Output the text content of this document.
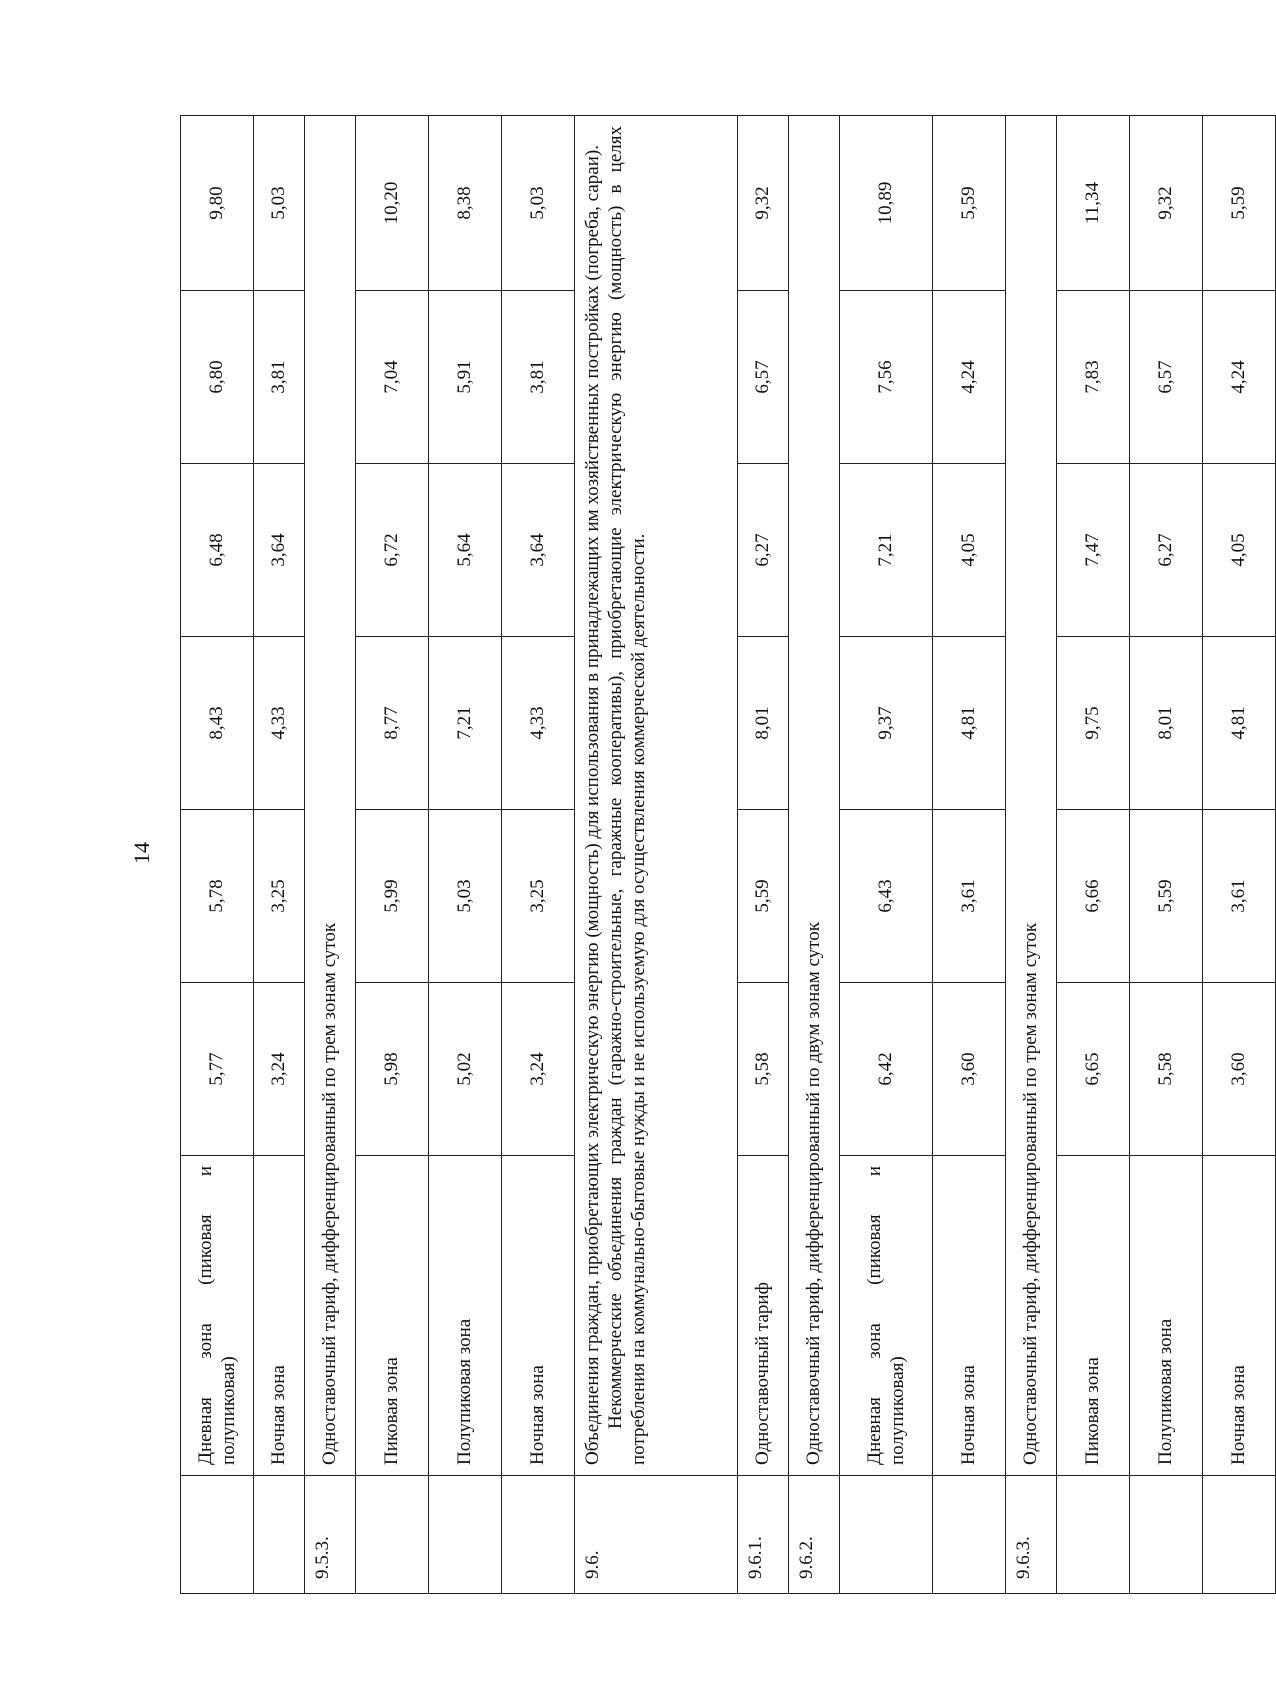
14
	Дневная зона (пиковая и полупиковая)	5,77	5,78	8,43	6,48	6,80	9,80
	Ночная зона	3,24	3,25	4,33	3,64	3,81	5,03
9.5.3.	Одноставочный тариф, дифференцированный по трем зонам суток						
	Пиковая зона	5,98	5,99	8,77	6,72	7,04	10,20
	Полупиковая зона	5,02	5,03	7,21	5,64	5,91	8,38
	Ночная зона	3,24	3,25	4,33	3,64	3,81	5,03
9.6.	Объединения граждан, приобретающих электрическую энергию (мощность) для использования в принадлежащих им хозяйственных постройках (погреба, сараи). Некоммерческие объединения граждан (гаражно-строительные, гаражные кооперативы), приобретающие электрическую энергию (мощность) в целях потребления на коммунально-бытовые нужды и не используемую для осуществления коммерческой деятельности.						

9.6.1.	Одноставочный тариф	5,58	5,59	8,01	6,27	6,57	9,32
9.6.2.	Одноставочный тариф, дифференцированный по двум зонам суток						
	Дневная зона (пиковая и полупиковая)	6,42	6,43	9,37	7,21	7,56	10,89
	Ночная зона	3,60	3,61	4,81	4,05	4,24	5,59
9.6.3.	Одноставочный тариф, дифференцированный по трем зонам суток						
	Пиковая зона	6,65	6,66	9,75	7,47	7,83	11,34
	Полупиковая зона	5,58	5,59	8,01	6,27	6,57	9,32
	Ночная зона	3,60	3,61	4,81	4,05	4,24	5,59
